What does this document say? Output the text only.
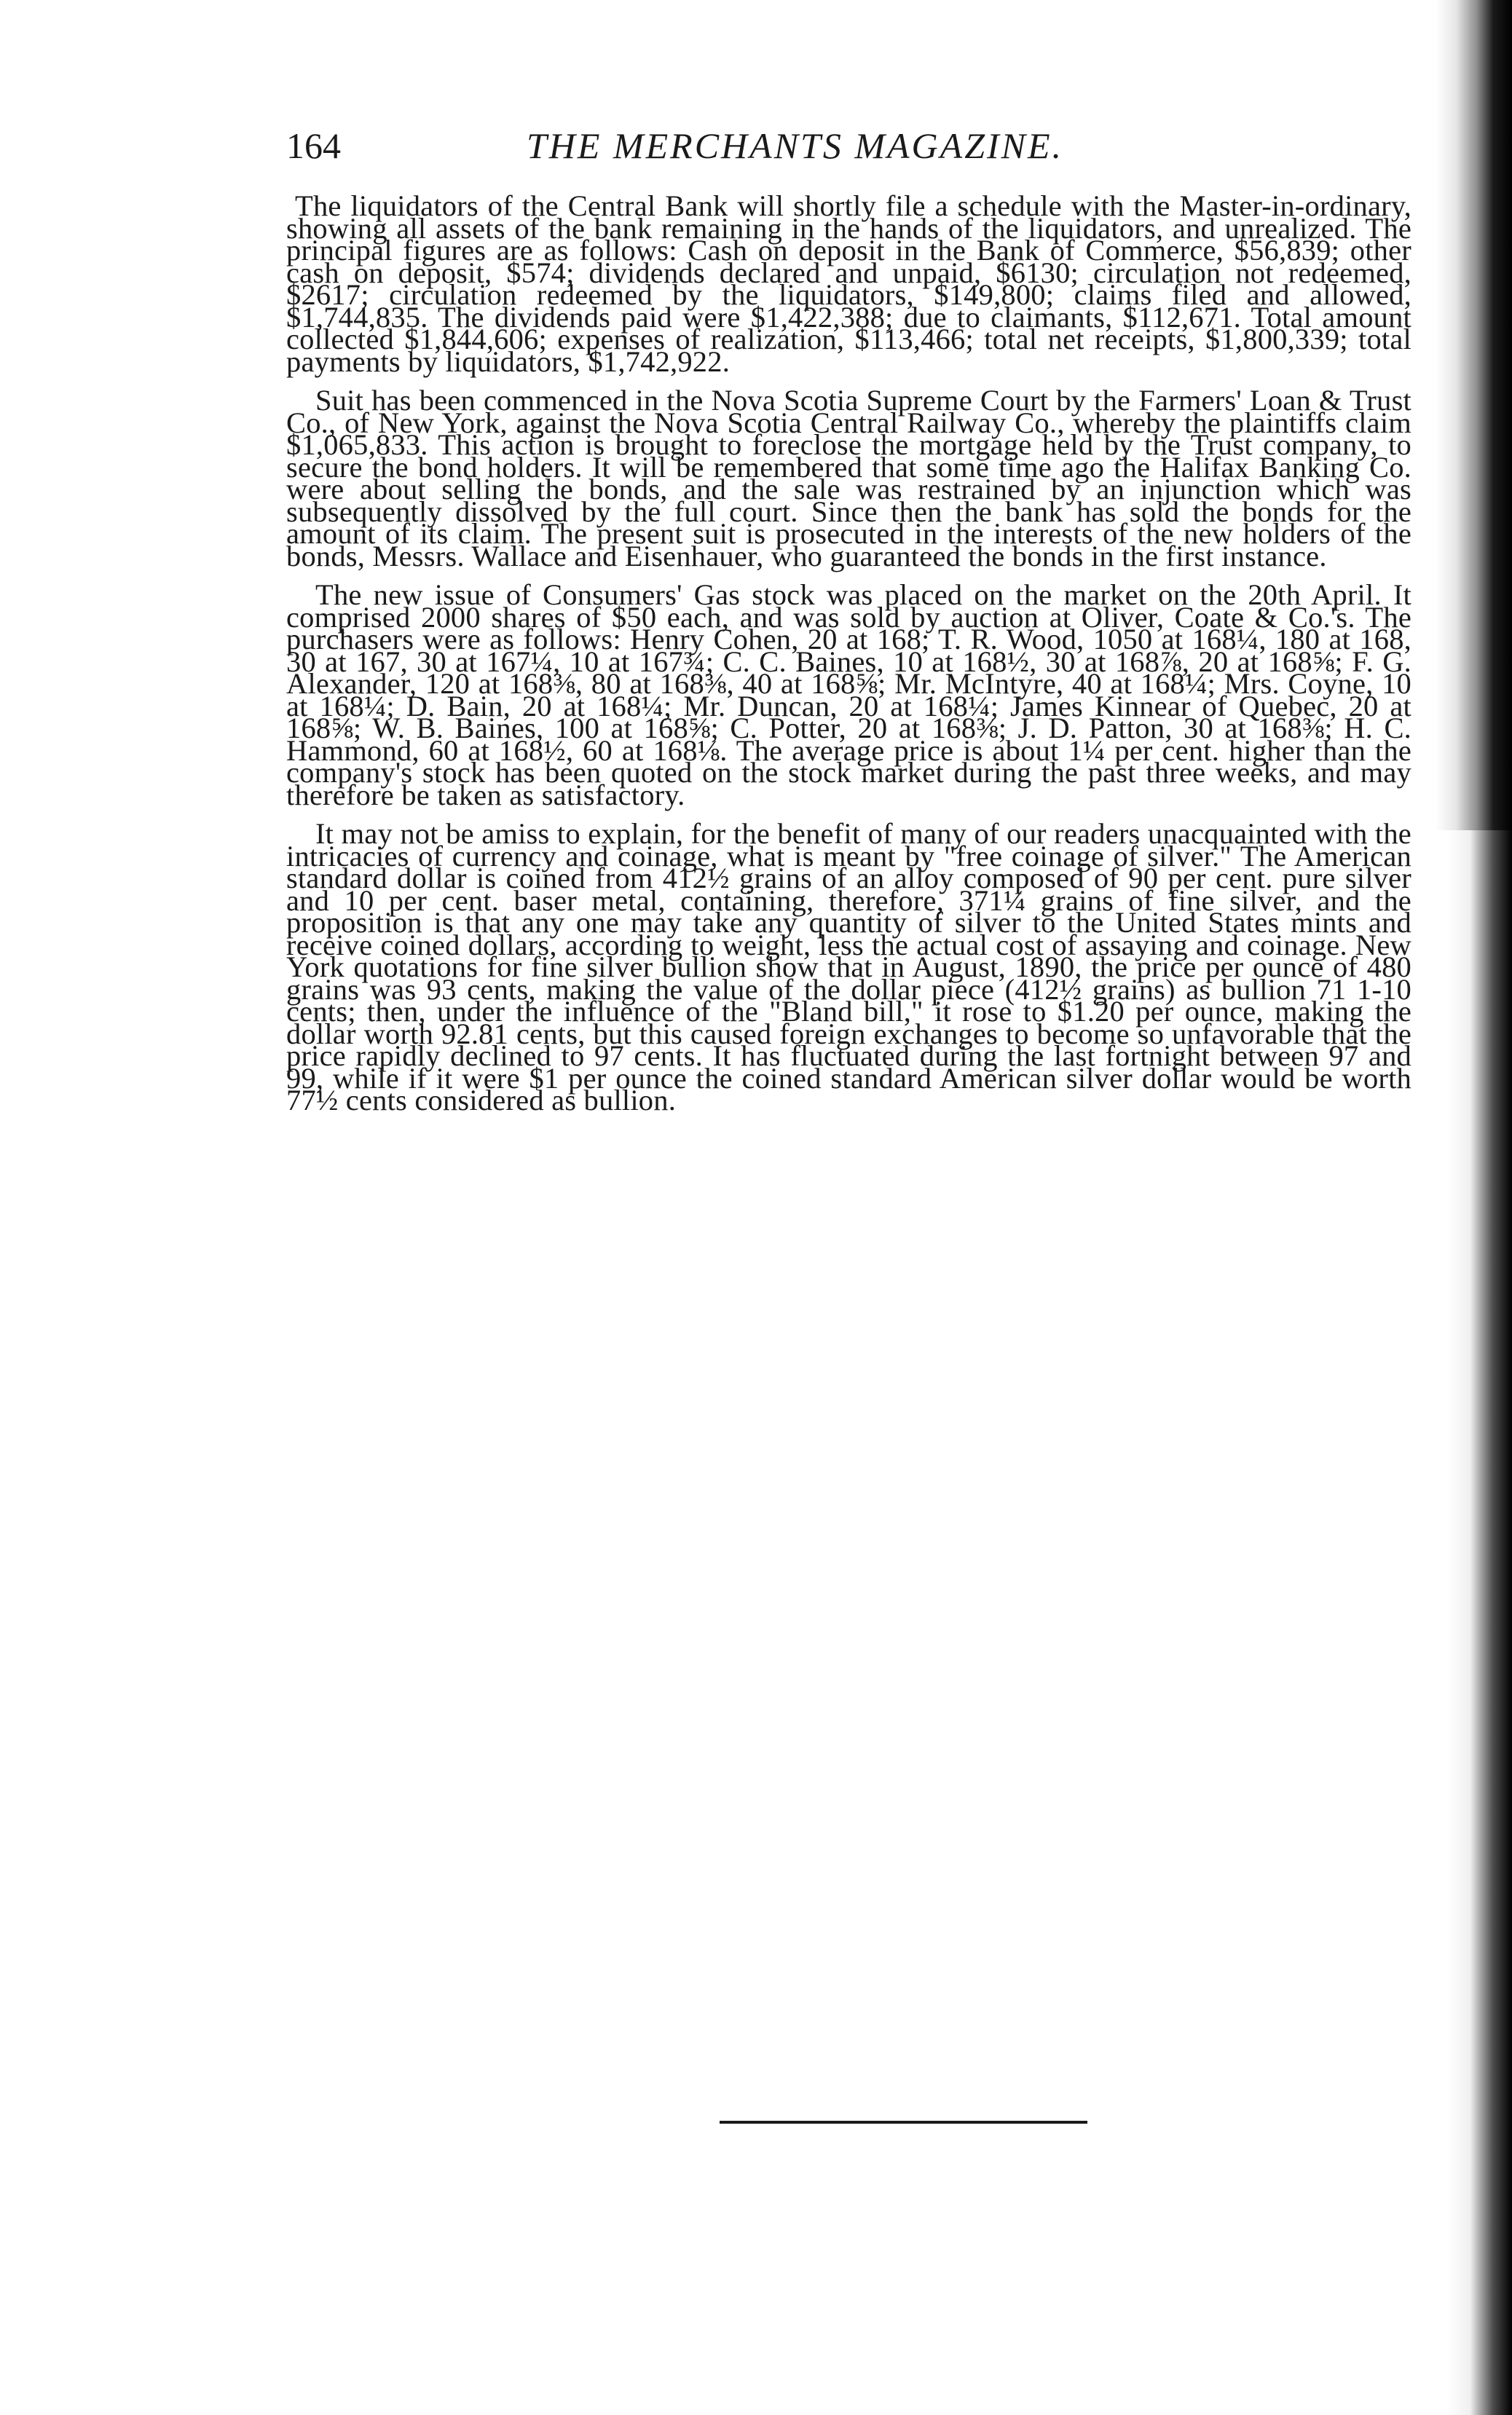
164	THE MERCHANTS MAGAZINE.

The liquidators of the Central Bank will shortly file a schedule with the Master-in-ordinary, showing all assets of the bank remaining in the hands of the liquidators, and unrealized. The principal figures are as follows: Cash on deposit in the Bank of Commerce, $56,839; other cash on deposit, $574; dividends declared and unpaid, $6130; circulation not redeemed, $2617; circulation redeemed by the liquidators, $149,800; claims filed and allowed, $1,744,835. The dividends paid were $1,422,388; due to claimants, $112,671. Total amount collected $1,844,606; expenses of realization, $113,466; total net receipts, $1,800,339; total payments by liquidators, $1,742,922.

Suit has been commenced in the Nova Scotia Supreme Court by the Farmers' Loan & Trust Co., of New York, against the Nova Scotia Central Railway Co., whereby the plaintiffs claim $1,065,833. This action is brought to foreclose the mortgage held by the Trust company, to secure the bond holders. It will be remembered that some time ago the Halifax Banking Co. were about selling the bonds, and the sale was restrained by an injunction which was subsequently dissolved by the full court. Since then the bank has sold the bonds for the amount of its claim. The present suit is prosecuted in the interests of the new holders of the bonds, Messrs. Wallace and Eisenhauer, who guaranteed the bonds in the first instance.

The new issue of Consumers' Gas stock was placed on the market on the 20th April. It comprised 2000 shares of $50 each, and was sold by auction at Oliver, Coate & Co.'s. The purchasers were as follows: Henry Cohen, 20 at 168; T. R. Wood, 1050 at 168¼, 180 at 168, 30 at 167, 30 at 167¼, 10 at 167¾; C. C. Baines, 10 at 168½, 30 at 168⅞, 20 at 168⅝; F. G. Alexander, 120 at 168⅜, 80 at 168⅜, 40 at 168⅝; Mr. McIntyre, 40 at 168¼; Mrs. Coyne, 10 at 168¼; D. Bain, 20 at 168¼; Mr. Duncan, 20 at 168¼; James Kinnear of Quebec, 20 at 168⅝; W. B. Baines, 100 at 168⅝; C. Potter, 20 at 168⅜; J. D. Patton, 30 at 168⅜; H. C. Hammond, 60 at 168½, 60 at 168⅛. The average price is about 1¼ per cent. higher than the company's stock has been quoted on the stock market during the past three weeks, and may therefore be taken as satisfactory.

It may not be amiss to explain, for the benefit of many of our readers unacquainted with the intricacies of currency and coinage, what is meant by "free coinage of silver." The American standard dollar is coined from 412½ grains of an alloy composed of 90 per cent. pure silver and 10 per cent. baser metal, containing, therefore, 371¼ grains of fine silver, and the proposition is that any one may take any quantity of silver to the United States mints and receive coined dollars, according to weight, less the actual cost of assaying and coinage. New York quotations for fine silver bullion show that in August, 1890, the price per ounce of 480 grains was 93 cents, making the value of the dollar piece (412½ grains) as bullion 71 1-10 cents; then, under the influence of the "Bland bill," it rose to $1.20 per ounce, making the dollar worth 92.81 cents, but this caused foreign exchanges to become so unfavorable that the price rapidly declined to 97 cents. It has fluctuated during the last fortnight between 97 and 99, while if it were $1 per ounce the coined standard American silver dollar would be worth 77½ cents considered as bullion.
